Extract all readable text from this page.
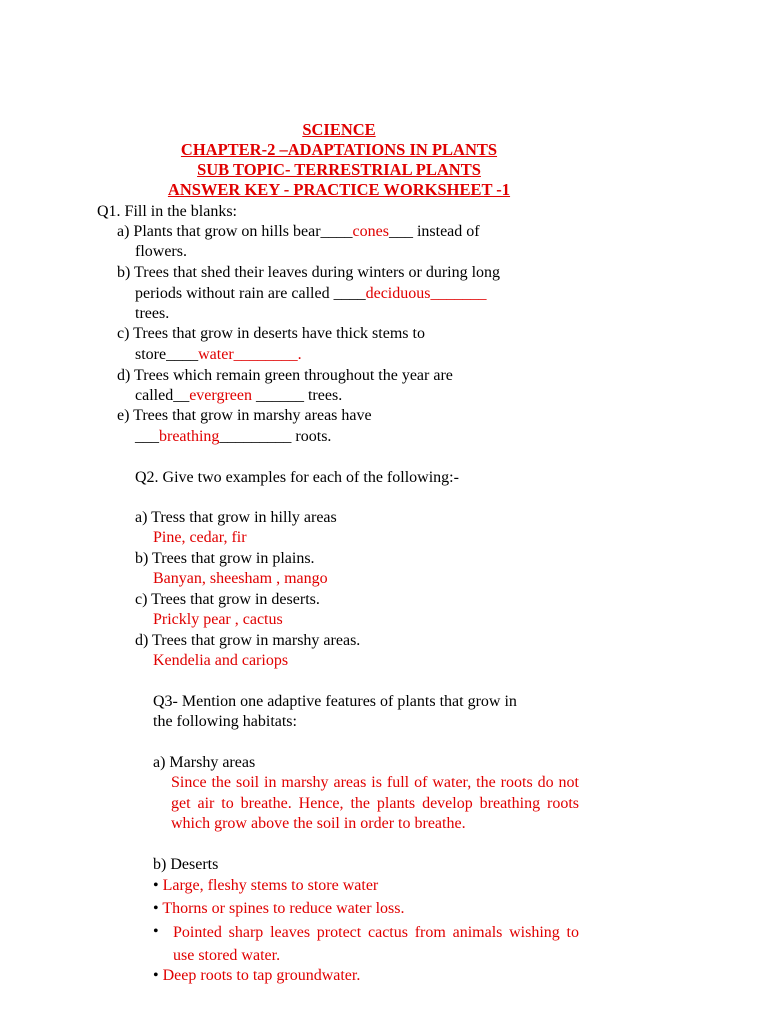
SCIENCE
CHAPTER-2 –ADAPTATIONS IN PLANTS
SUB TOPIC- TERRESTRIAL PLANTS
ANSWER KEY - PRACTICE WORKSHEET -1
Q1. Fill in the blanks:
a) Plants that grow on hills bear____cones___ instead of
flowers.
b) Trees that shed their leaves during winters or during long
periods without rain are called ____deciduous_______
trees.
c) Trees that grow in deserts have thick stems to
store____water________.
d) Trees which remain green throughout the year are
called__evergreen ______ trees.
e) Trees that grow in marshy areas have
___breathing_________ roots.
Q2. Give two examples for each of the following:-
a) Tress that grow in hilly areas
Pine, cedar, fir
b) Trees that grow in plains.
Banyan, sheesham , mango
c) Trees that grow in deserts.
Prickly pear , cactus
d) Trees that grow in marshy areas.
Kendelia and cariops
Q3- Mention one adaptive features of plants that grow in
the following habitats:
a) Marshy areas
Since the soil in marshy areas is full of water, the roots do not get air to breathe. Hence, the plants develop breathing roots which grow above the soil in order to breathe.
b) Deserts
• Large, fleshy stems to store water
• Thorns or spines to reduce water loss.
• Pointed sharp leaves protect cactus from animals wishing to use stored water.
• Deep roots to tap groundwater.
